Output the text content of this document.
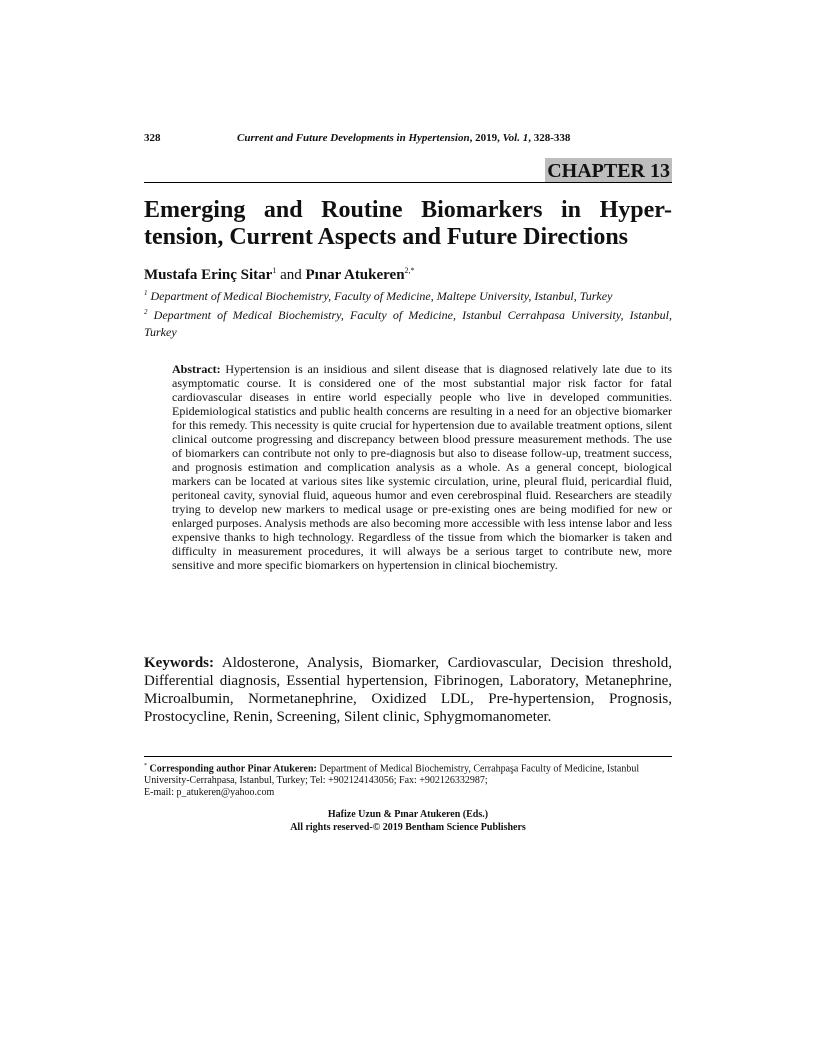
328	Current and Future Developments in Hypertension, 2019, Vol. 1, 328-338
CHAPTER 13
Emerging and Routine Biomarkers in Hyper-
tension, Current Aspects and Future Directions
Mustafa Erinç Sitar$^1$ and Pınar Atukeren$^{2,*}$
$^1$ Department of Medical Biochemistry, Faculty of Medicine, Maltepe University, Istanbul, Turkey
$^2$ Department of Medical Biochemistry, Faculty of Medicine, Istanbul Cerrahpasa University, Istanbul, Turkey
Abstract: Hypertension is an insidious and silent disease that is diagnosed relatively late due to its asymptomatic course. It is considered one of the most substantial major risk factor for fatal cardiovascular diseases in entire world especially people who live in developed communities. Epidemiological statistics and public health concerns are resulting in a need for an objective biomarker for this remedy. This necessity is quite crucial for hypertension due to available treatment options, silent clinical outcome progressing and discrepancy between blood pressure measurement methods. The use of biomarkers can contribute not only to pre-diagnosis but also to disease follow-up, treatment success, and prognosis estimation and complication analysis as a whole. As a general concept, biological markers can be located at various sites like systemic circulation, urine, pleural fluid, pericardial fluid, peritoneal cavity, synovial fluid, aqueous humor and even cerebrospinal fluid. Researchers are steadily trying to develop new markers to medical usage or pre-existing ones are being modified for new or enlarged purposes. Analysis methods are also becoming more accessible with less intense labor and less expensive thanks to high technology. Regardless of the tissue from which the biomarker is taken and difficulty in measurement procedures, it will always be a serious target to contribute new, more sensitive and more specific biomarkers on hypertension in clinical biochemistry.
Keywords: Aldosterone, Analysis, Biomarker, Cardiovascular, Decision threshold, Differential diagnosis, Essential hypertension, Fibrinogen, Laboratory, Metanephrine, Microalbumin, Normetanephrine, Oxidized LDL, Pre-hypertension, Prognosis, Prostocycline, Renin, Screening, Silent clinic, Sphygmomanometer.
* Corresponding author Pinar Atukeren: Department of Medical Biochemistry, Cerrahpaşa Faculty of Medicine, Istanbul University-Cerrahpasa, Istanbul, Turkey; Tel: +902124143056; Fax: +902126332987;
E-mail: p_atukeren@yahoo.com
Hafize Uzun & Pınar Atukeren (Eds.)
All rights reserved-© 2019 Bentham Science Publishers
